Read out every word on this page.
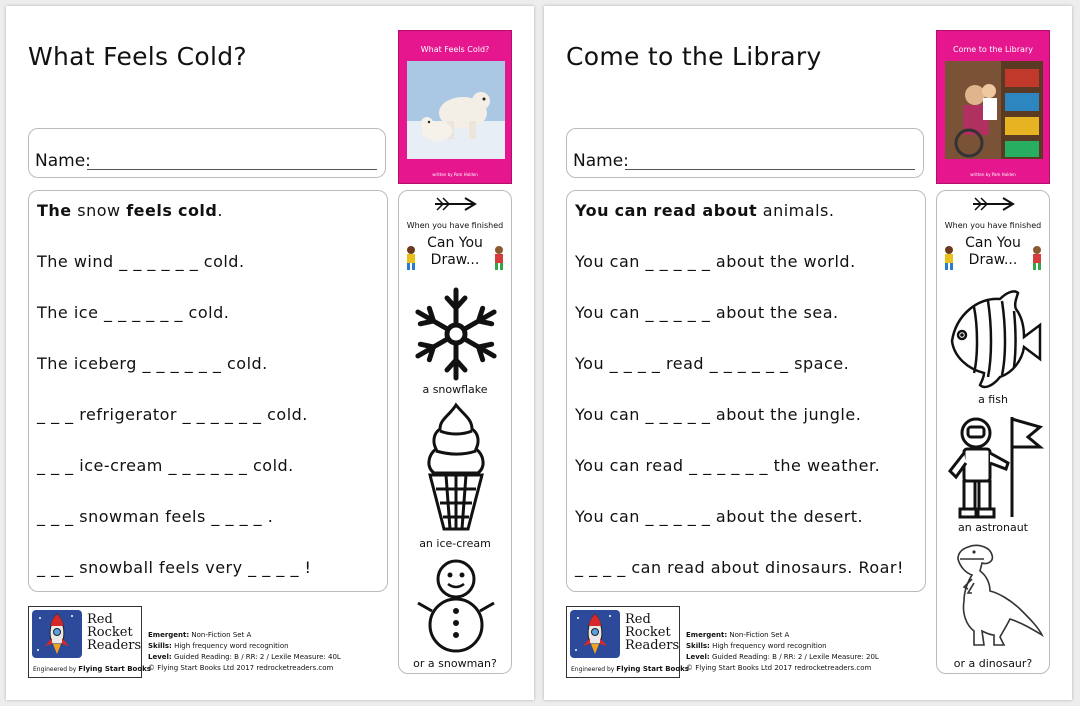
What Feels Cold?	What Feels Cold?
written by Pam Holden
Name:
The snow feels cold.
The wind _ _ _ _ _ _ cold.
The ice _ _ _ _ _ _ cold.
The iceberg _ _ _ _ _ _ cold.
_ _ _ refrigerator _ _ _ _ _ _ cold.
_ _ _ ice-cream _ _ _ _ _ _ cold.
_ _ _ snowman feels _ _ _ _ .
_ _ _ snowball feels very _ _ _ _ !
When you have finished
Can You
Draw...
a snowflake
an ice-cream
or a snowman?
Red
Rocket
Readers
Engineered by Flying Start Books
Emergent: Non-Fiction Set A
Skills: High frequency word recognition
Level: Guided Reading: B / RR: 2 / Lexile Measure: 40L
© Flying Start Books Ltd 2017 redrocketreaders.com
Come to the Library	Come to the Library
written by Pam Holden
Name:
You can read about animals.
You can _ _ _ _ _ about the world.
You can _ _ _ _ _ about the sea.
You _ _ _ _ read _ _ _ _ _ _ space.
You can _ _ _ _ _ about the jungle.
You can read _ _ _ _ _ _ the weather.
You can _ _ _ _ _ about the desert.
_ _ _ _ can read about dinosaurs. Roar!
When you have finished
Can You
Draw...
a fish
an astronaut
or a dinosaur?
Red
Rocket
Readers
Engineered by Flying Start Books
Emergent: Non-Fiction Set A
Skills: High frequency word recognition
Level: Guided Reading: B / RR: 2 / Lexile Measure: 20L
© Flying Start Books Ltd 2017 redrocketreaders.com
